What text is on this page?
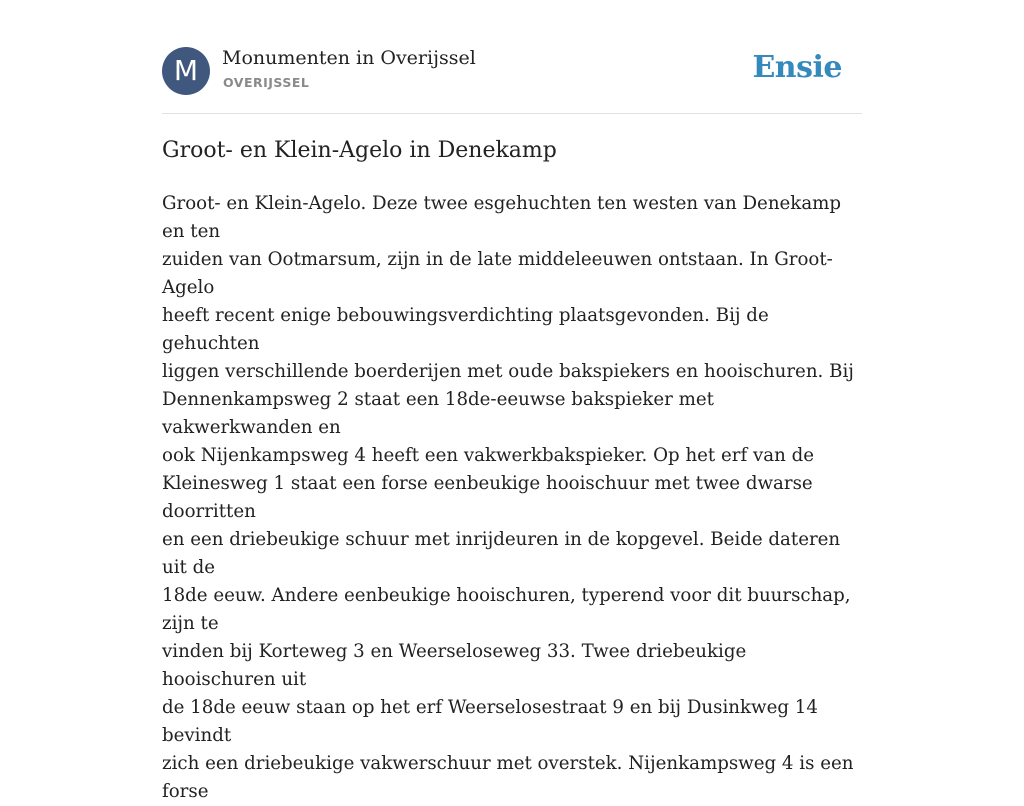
M	Monumenten in Overijssel
OVERIJSSEL	Ensie
Groot- en Klein-Agelo in Denekamp

Groot- en Klein-Agelo. Deze twee esgehuchten ten westen van Denekamp en ten
zuiden van Ootmarsum, zijn in de late middeleeuwen ontstaan. In Groot-Agelo
heeft recent enige bebouwingsverdichting plaatsgevonden. Bij de gehuchten
liggen verschillende boerderijen met oude bakspiekers en hooischuren. Bij
Dennenkampsweg 2 staat een 18de-eeuwse bakspieker met vakwerkwanden en
ook Nijenkampsweg 4 heeft een vakwerkbakspieker. Op het erf van de
Kleinesweg 1 staat een forse eenbeukige hooischuur met twee dwarse doorritten
en een driebeukige schuur met inrijdeuren in de kopgevel. Beide dateren uit de
18de eeuw. Andere eenbeukige hooischuren, typerend voor dit buurschap, zijn te
vinden bij Korteweg 3 en Weerseloseweg 33. Twee driebeukige hooischuren uit
de 18de eeuw staan op het erf Weerselosestraat 9 en bij Dusinkweg 14 bevindt
zich een driebeukige vakwerschuur met overstek. Nijenkampsweg 4 is een forse
